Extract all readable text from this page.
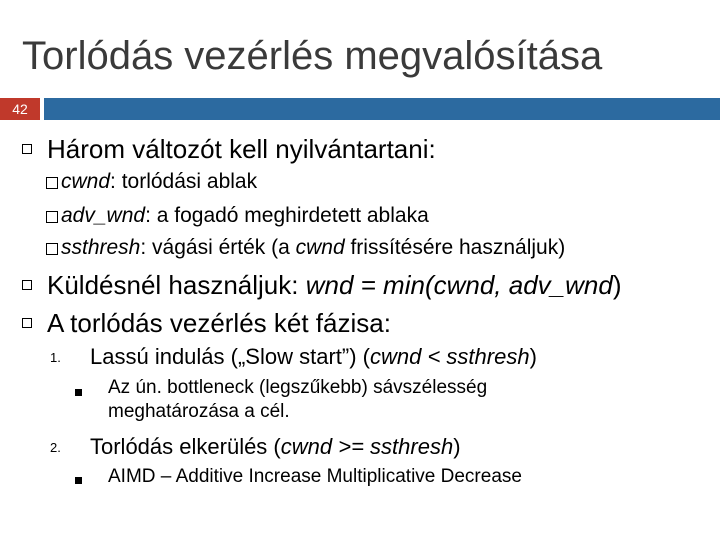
Torlódás vezérlés megvalósítása
42
Három változót kell nyilvántartani:
cwnd: torlódási ablak
adv_wnd: a fogadó meghirdetett ablaka
ssthresh: vágási érték (a cwnd frissítésére használjuk)
Küldésnél használjuk: wnd = min(cwnd, adv_wnd)
A torlódás vezérlés két fázisa:
1. Lassú indulás („Slow start”) (cwnd < ssthresh)
Az ún. bottleneck (legszűkebb) sávszélesség
meghatározása a cél.
2. Torlódás elkerülés (cwnd >= ssthresh)
AIMD – Additive Increase Multiplicative Decrease
